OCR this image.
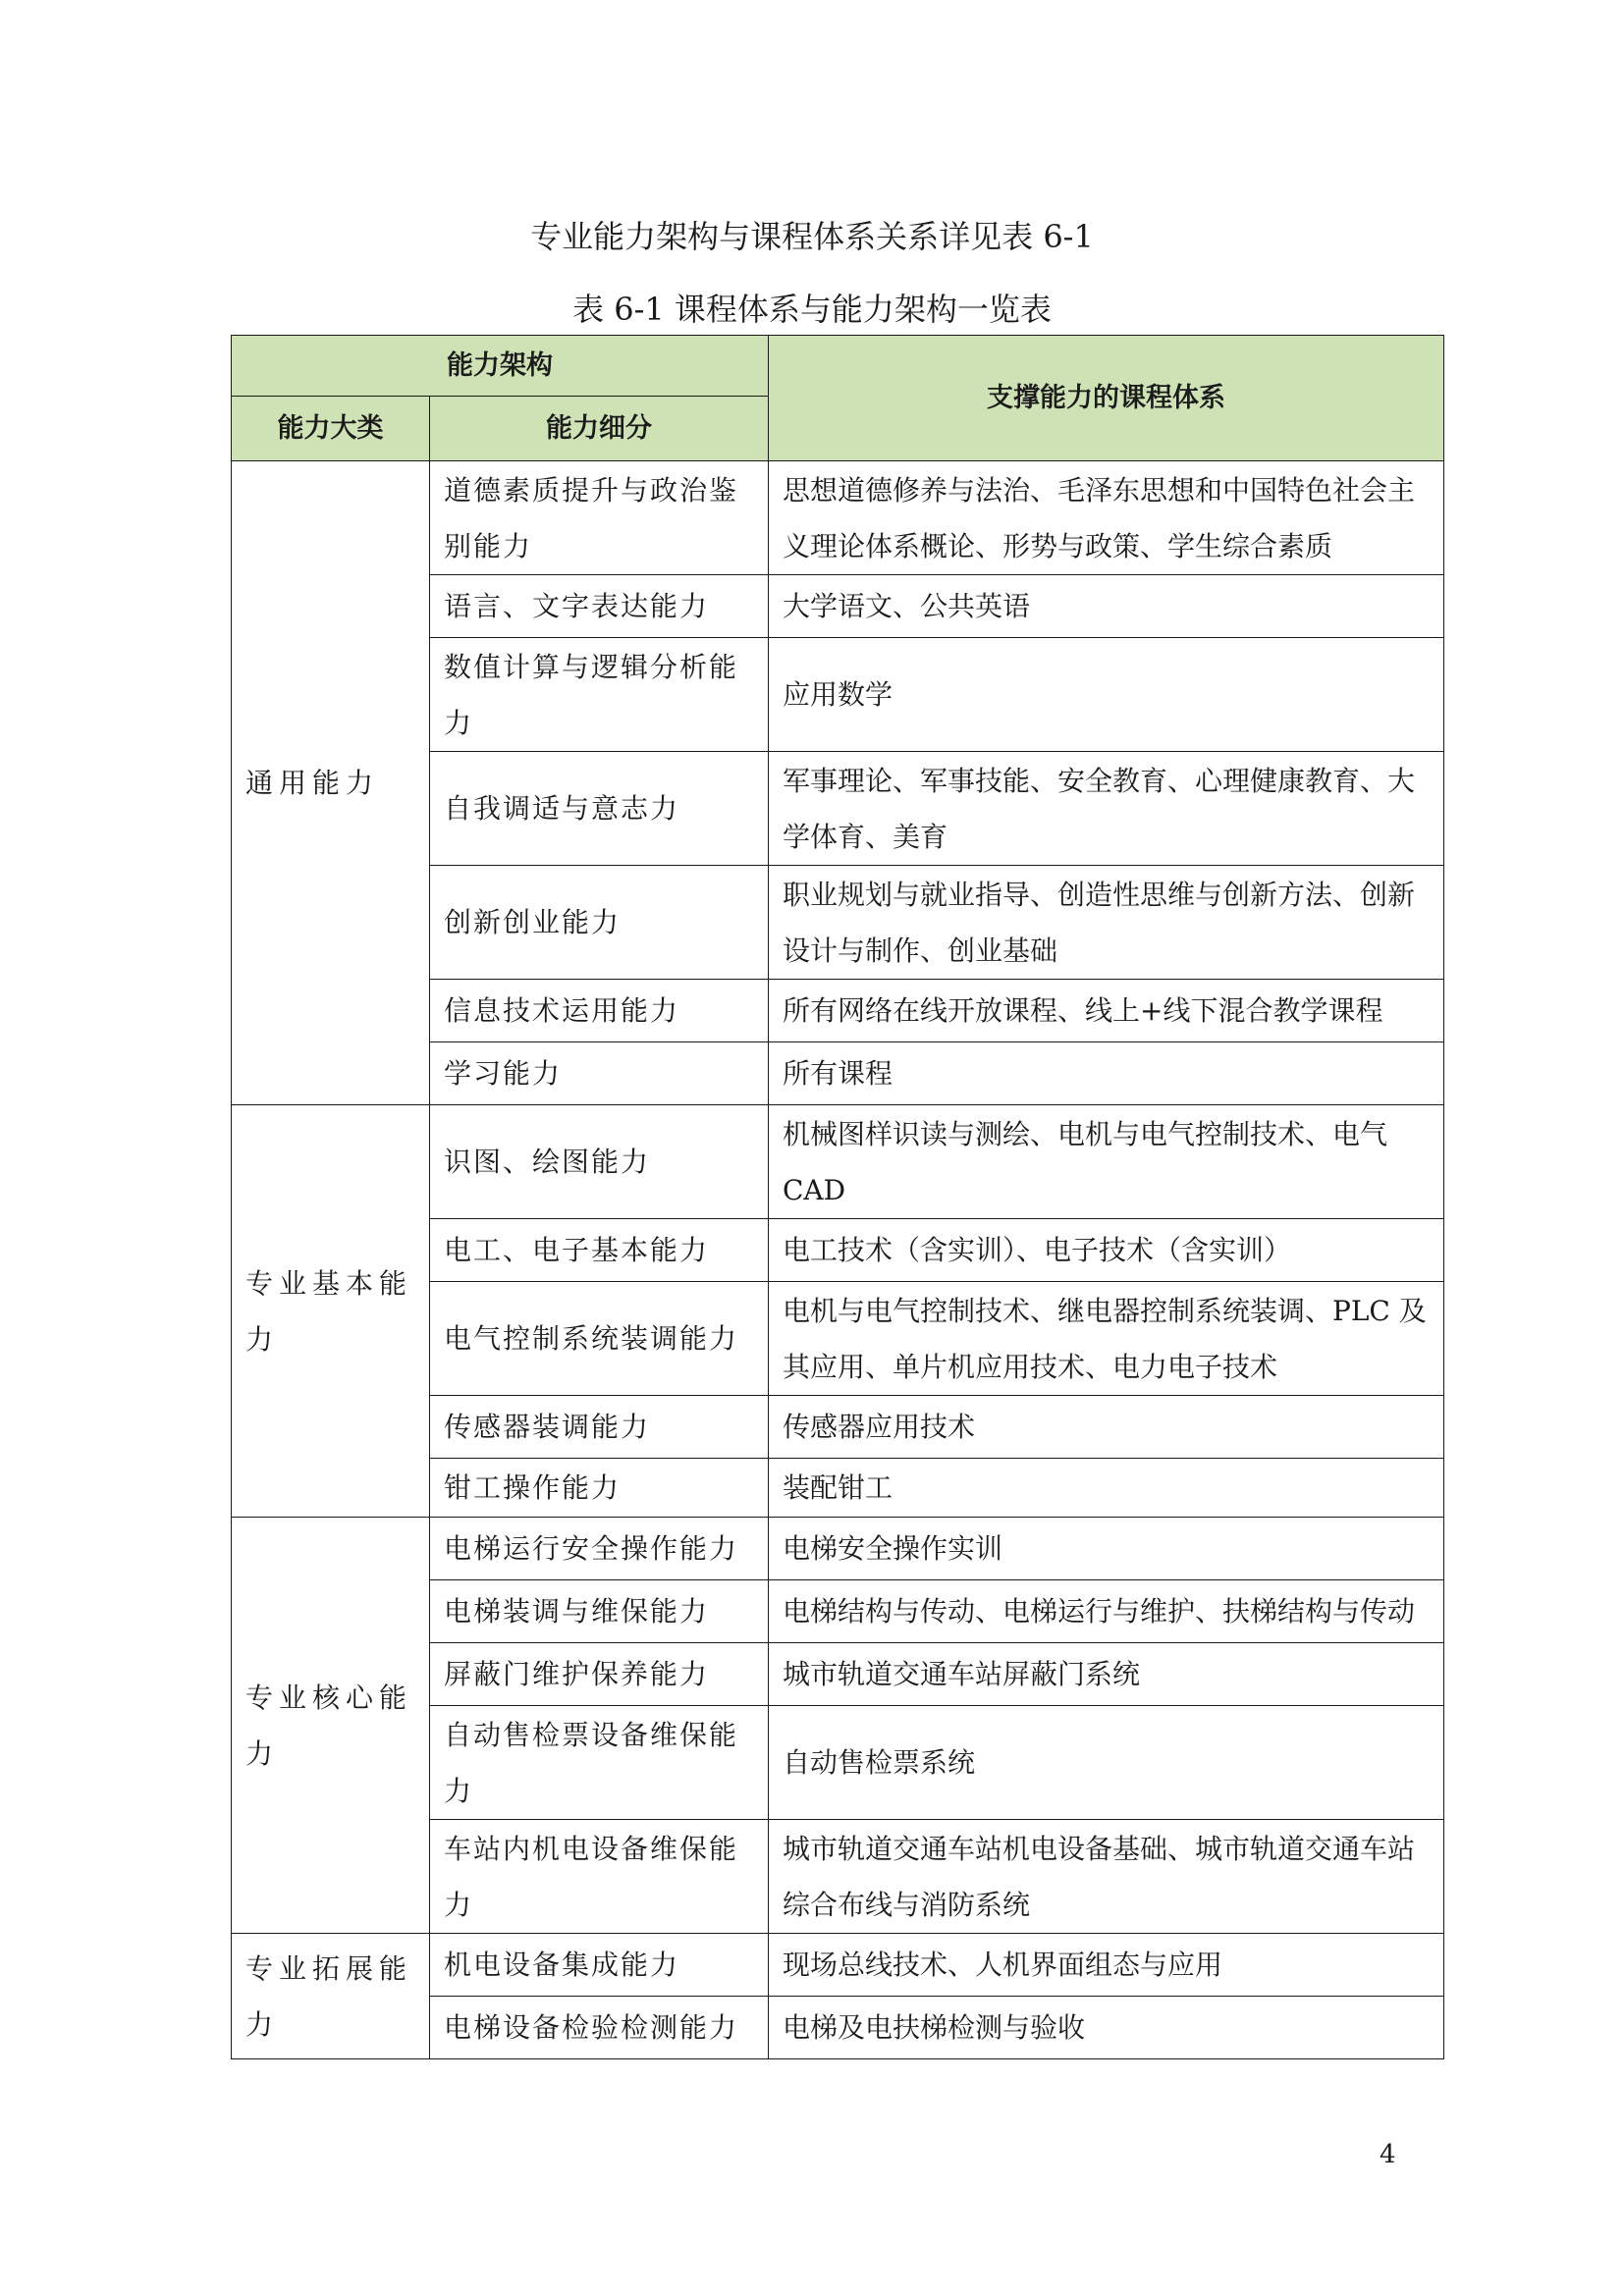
专业能力架构与课程体系关系详见表 6-1
表 6-1 课程体系与能力架构一览表
能力架构		支撑能力的课程体系
能力大类	能力细分	
通用能力	道德素质提升与政治鉴别能力	思想道德修养与法治、毛泽东思想和中国特色社会主义理论体系概论、形势与政策、学生综合素质
	语言、文字表达能力	大学语文、公共英语
	数值计算与逻辑分析能力	应用数学
	自我调适与意志力	军事理论、军事技能、安全教育、心理健康教育、大学体育、美育
	创新创业能力	职业规划与就业指导、创造性思维与创新方法、创新设计与制作、创业基础
	信息技术运用能力	所有网络在线开放课程、线上+线下混合教学课程
	学习能力	所有课程
专业基本能力	识图、绘图能力	机械图样识读与测绘、电机与电气控制技术、电气CAD
	电工、电子基本能力	电工技术（含实训）、电子技术（含实训）
	电气控制系统装调能力	电机与电气控制技术、继电器控制系统装调、PLC 及其应用、单片机应用技术、电力电子技术
	传感器装调能力	传感器应用技术
	钳工操作能力	装配钳工
专业核心能力	电梯运行安全操作能力	电梯安全操作实训
	电梯装调与维保能力	电梯结构与传动、电梯运行与维护、扶梯结构与传动
	屏蔽门维护保养能力	城市轨道交通车站屏蔽门系统
	自动售检票设备维保能力	自动售检票系统
	车站内机电设备维保能力	城市轨道交通车站机电设备基础、城市轨道交通车站综合布线与消防系统
专业拓展能力	机电设备集成能力	现场总线技术、人机界面组态与应用
	电梯设备检验检测能力	电梯及电扶梯检测与验收
4
